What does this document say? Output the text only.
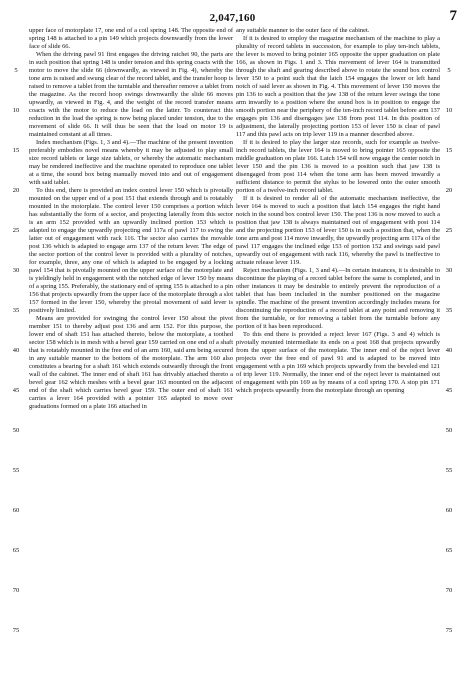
2,047,160	7

upper face of motorplate 17, one end of a coil spring 148. The opposite end of spring 148 is attached to a pin 149 which projects downwardly from the lower face of slide 66.

When the driving pawl 91 first engages the driving ratchet 90, the parts are in such position that spring 148 is under tension and this spring coacts with the motor to move the slide 66 (downwardly, as viewed in Fig. 4), whereby the tone arm is raised and swung clear of the record tablet, and the transfer hoop is raised to remove a tablet from the turntable and thereafter remove a tablet from the magazine. As the record hoop swings downwardly the slide 66 moves upwardly, as viewed in Fig. 4, and the weight of the record transfer means coacts with the motor to reduce the load on the latter. To counteract this reduction in the load the spring is now being placed under tension, due to the movement of slide 66. It will thus be seen that the load on motor 19 is maintained constant at all times.

Index mechanism (Figs. 1, 3 and 4).—The machine of the present invention preferably embodies novel means whereby it may be adjusted to play small size record tablets or large size tablets, or whereby the automatic mechanism may be rendered ineffective and the machine operated to reproduce one tablet at a time, the sound box being manually moved into and out of engagement with said tablet.

To this end, there is provided an index control lever 150 which is pivotally mounted on the upper end of a post 151 that extends through and is rotatably mounted in the motorplate. The control lever 150 comprises a portion which has substantially the form of a sector, and projecting laterally from this sector is an arm 152 provided with an upwardly inclined portion 153 which is adapted to engage the upwardly projecting end 117a of pawl 117 to swing the latter out of engagement with rack 116. The sector also carries the movable post 136 which is adapted to engage arm 137 of the return lever. The edge of the sector portion of the control lever is provided with a plurality of notches, for example, three, any one of which is adapted to be engaged by a locking pawl 154 that is pivotally mounted on the upper surface of the motorplate and is yieldingly held in engagement with the notched edge of lever 150 by means of a spring 155. Preferably, the stationary end of spring 155 is attached to a pin 156 that projects upwardly from the upper face of the motorplate through a slot 157 formed in the lever 150, whereby the pivotal movement of said lever is positively limited.

Means are provided for swinging the control lever 150 about the pivot member 151 to thereby adjust post 136 and arm 152. For this purpose, the lower end of shaft 151 has attached thereto, below the motorplate, a toothed sector 158 which is in mesh with a bevel gear 159 carried on one end of a shaft that is rotatably mounted in the free end of an arm 160, said arm being secured in any suitable manner to the bottom of the motorplate. The arm 160 also constitutes a bearing for a shaft 161 which extends outwardly through the front wall of the cabinet. The inner end of shaft 161 has drivably attached thereto a bevel gear 162 which meshes with a bevel gear 163 mounted on the adjacent end of the shaft which carries bevel gear 159. The outer end of shaft 161 carries a lever 164 provided with a pointer 165 adapted to move over graduations formed on a plate 166 attached in

any suitable manner to the outer face of the cabinet.

If it is desired to employ the magazine mechanism of the machine to play a plurality of record tablets in succession, for example to play ten-inch tablets, the lever is moved to bring pointer 165 opposite the upper graduation on plate 166, as shown in Figs. 1 and 3. This movement of lever 164 is transmitted through the shaft and gearing described above to rotate the sound box control lever 150 to a point such that the latch 154 engages the lower or left hand notch of said lever as shown in Fig. 4. This movement of lever 150 moves the pin 136 to such a position that the jaw 138 of the return lever swings the tone arm inwardly to a position where the sound box is in position to engage the smooth portion near the periphery of the ten-inch record tablet before arm 137 engages pin 136 and disengages jaw 138 from post 114. In this position of adjustment, the laterally projecting portion 153 of lever 150 is clear of pawl 117 and this pawl acts on trip lever 119 in a manner described above.

If it is desired to play the larger size records, such for example as twelve-inch record tablets, the lever 164 is moved to bring pointer 165 opposite the middle graduation on plate 166. Latch 154 will now engage the center notch in lever 150 and the pin 136 is moved to a position such that jaw 138 is disengaged from post 114 when the tone arm has been moved inwardly a sufficient distance to permit the stylus to be lowered onto the outer smooth portion of a twelve-inch record tablet.

If it is desired to render all of the automatic mechanism ineffective, the lever 164 is moved to such a position that latch 154 engages the right hand notch in the sound box control lever 150. The post 136 is now moved to such a position that jaw 138 is always maintained out of engagement with post 114 and the projecting portion 153 of lever 150 is in such a position that, when the tone arm and post 114 move inwardly, the upwardly projecting arm 117a of the pawl 117 engages the inclined edge 153 of portion 152 and swings said pawl upwardly out of engagement with rack 116, whereby the pawl is ineffective to actuate release lever 119.

Reject mechanism (Figs. 1, 3 and 4).—In certain instances, it is desirable to discontinue the playing of a record tablet before the same is completed, and in other instances it may be desirable to entirely prevent the reproduction of a tablet that has been included in the number positioned on the magazine spindle. The machine of the present invention accordingly includes means for discontinuing the reproduction of a record tablet at any point and removing it from the turntable, or for removing a tablet from the turntable before any portion of it has been reproduced.

To this end there is provided a reject lever 167 (Figs. 3 and 4) which is pivotally mounted intermediate its ends on a post 168 that projects upwardly from the upper surface of the motorplate. The inner end of the reject lever projects over the free end of pawl 91 and is adapted to be moved into engagement with a pin 169 which projects upwardly from the beveled end 121 of trip lever 119. Normally, the inner end of the reject lever is maintained out of engagement with pin 169 as by means of a coil spring 170. A stop pin 171 which projects upwardly from the motorplate through an opening

5
10
15
20
25
30
35
40
45
50
55
60
65
70
75
5
10
15
20
25
30
35
40
45
50
55
60
65
70
75
